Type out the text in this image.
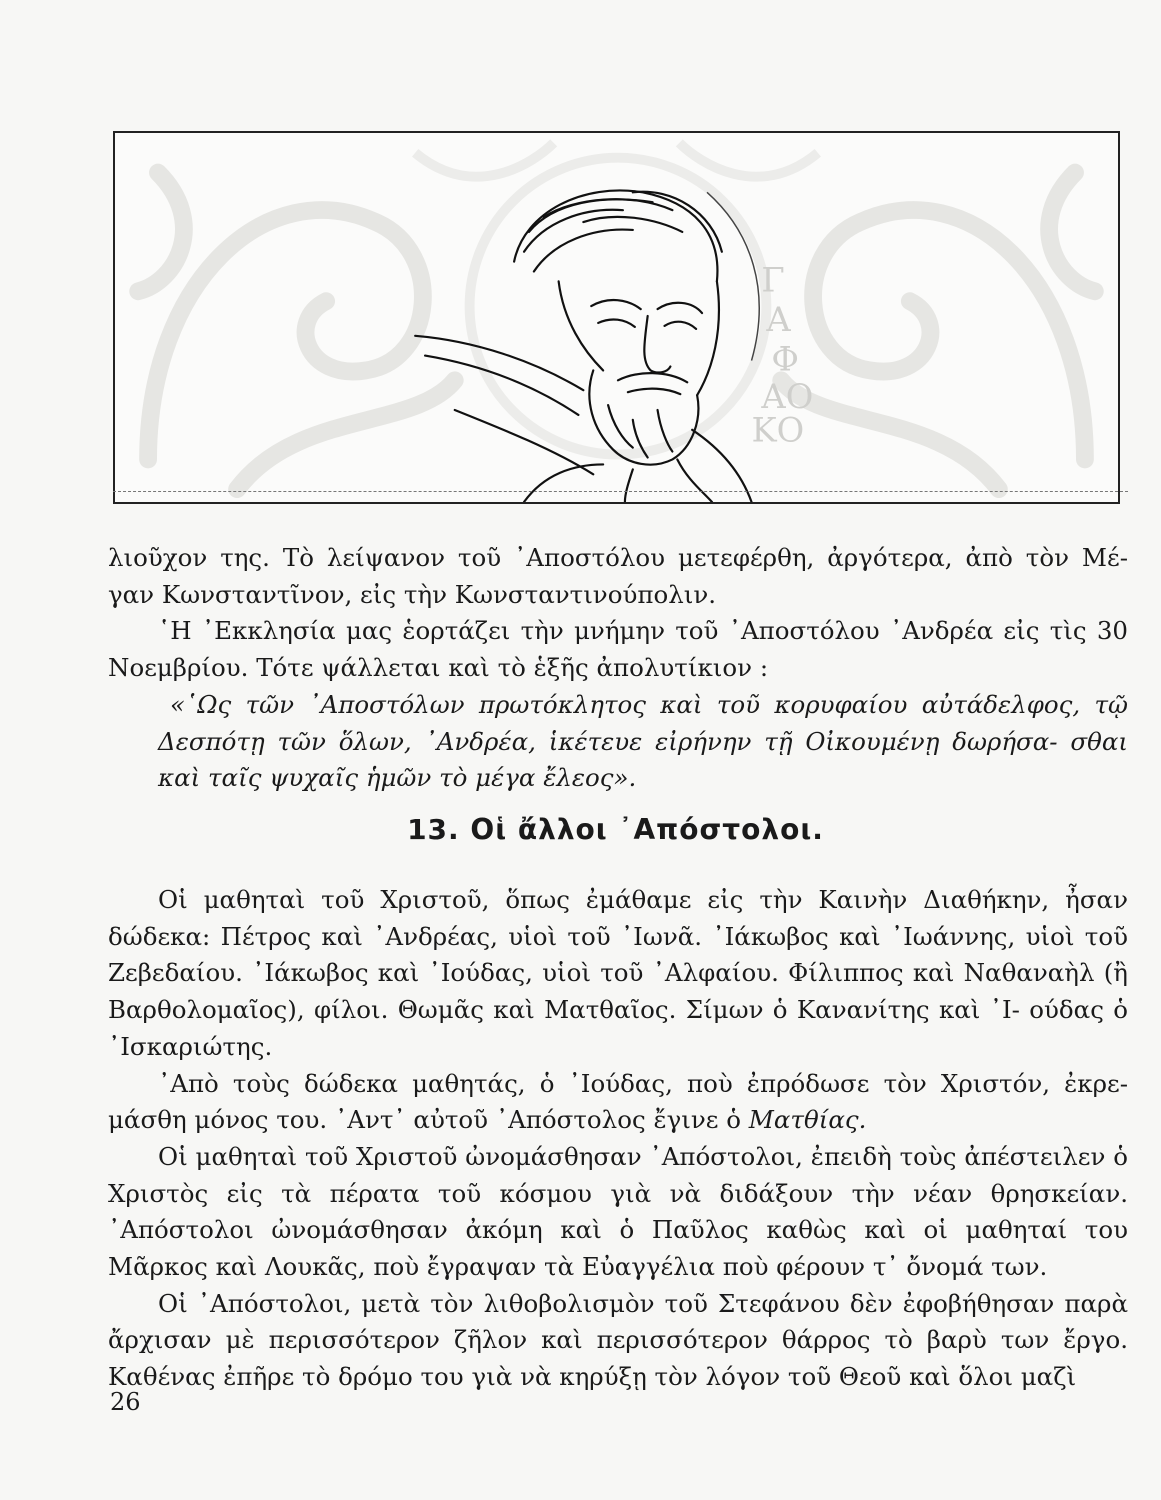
Γ
Α
Φ
ΑΟ
ΚΟ

λιοῦχον της. Τὸ λείψανον τοῦ ᾿Αποστόλου μετεφέρθη, ἀργότερα, ἀπὸ τὸν Μέ- γαν Κωνσταντῖνον, εἰς τὴν Κωνσταντινούπολιν.

῾Η ᾿Εκκλησία μας ἑορτάζει τὴν μνήμην τοῦ ᾿Αποστόλου ᾿Ανδρέα εἰς τὶς 30 Νοεμβρίου. Τότε ψάλλεται καὶ τὸ ἑξῆς ἀπολυτίκιον :

«῾Ως τῶν ᾿Αποστόλων πρωτόκλητος καὶ τοῦ κορυφαίου αὐτάδελφος, τῷ Δεσπότῃ τῶν ὅλων, ᾿Ανδρέα, ἱκέτευε εἰρήνην τῇ Οἰκουμένῃ δωρήσα- σθαι καὶ ταῖς ψυχαῖς ἡμῶν τὸ μέγα ἔλεος».

13. Οἱ ἄλλοι ᾿Απόστολοι.

Οἱ μαθηταὶ τοῦ Χριστοῦ, ὅπως ἐμάθαμε εἰς τὴν Καινὴν Διαθήκην, ἦσαν δώδεκα: Πέτρος καὶ ᾿Ανδρέας, υἱοὶ τοῦ ᾿Ιωνᾶ. ᾿Ιάκωβος καὶ ᾿Ιωάννης, υἱοὶ τοῦ Ζεβεδαίου. ᾿Ιάκωβος καὶ ᾿Ιούδας, υἱοὶ τοῦ ᾿Αλφαίου. Φίλιππος καὶ Ναθαναὴλ (ἢ Βαρθολομαῖος), φίλοι. Θωμᾶς καὶ Ματθαῖος. Σίμων ὁ Κανανίτης καὶ ᾿Ι- ούδας ὁ ᾿Ισκαριώτης.

᾿Απὸ τοὺς δώδεκα μαθητάς, ὁ ᾿Ιούδας, ποὺ ἐπρόδωσε τὸν Χριστόν, ἐκρε- μάσθη μόνος του. ᾿Αντ᾿ αὐτοῦ ᾿Απόστολος ἔγινε ὁ Ματθίας.

Οἱ μαθηταὶ τοῦ Χριστοῦ ὠνομάσθησαν ᾿Απόστολοι, ἐπειδὴ τοὺς ἀπέστειλεν ὁ Χριστὸς εἰς τὰ πέρατα τοῦ κόσμου γιὰ νὰ διδάξουν τὴν νέαν θρησκείαν. ᾿Απόστολοι ὠνομάσθησαν ἀκόμη καὶ ὁ Παῦλος καθὼς καὶ οἱ μαθηταί του Μᾶρκος καὶ Λουκᾶς, ποὺ ἔγραψαν τὰ Εὐαγγέλια ποὺ φέρουν τ᾿ ὄνομά των.

Οἱ ᾿Απόστολοι, μετὰ τὸν λιθοβολισμὸν τοῦ Στεφάνου δὲν ἐφοβήθησαν παρὰ ἄρχισαν μὲ περισσότερον ζῆλον καὶ περισσότερον θάρρος τὸ βαρὺ των ἔργο. Καθένας ἐπῆρε τὸ δρόμο του γιὰ νὰ κηρύξῃ τὸν λόγον τοῦ Θεοῦ καὶ ὅλοι μαζὶ

26
